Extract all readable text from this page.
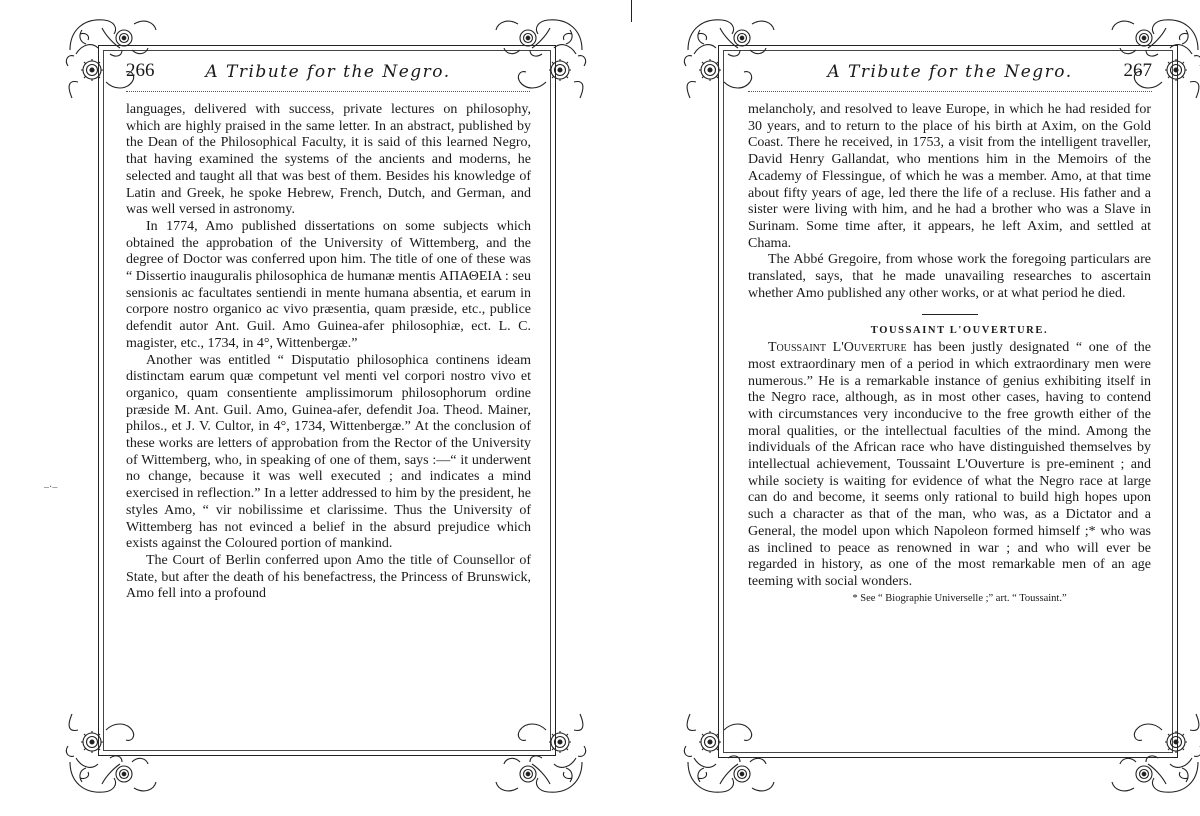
–·–
266	A Tribute for the Negro.

languages, delivered with success, private lectures on philosophy, which are highly praised in the same letter. In an abstract, published by the Dean of the Philosophical Faculty, it is said of this learned Negro, that having examined the systems of the ancients and moderns, he selected and taught all that was best of them. Besides his knowledge of Latin and Greek, he spoke Hebrew, French, Dutch, and German, and was well versed in astronomy.

In 1774, Amo published dissertations on some subjects which obtained the approbation of the University of Wittemberg, and the degree of Doctor was conferred upon him. The title of one of these was “ Dissertio inauguralis philosophica de humanæ mentis ΑΠΑΘΕΙΑ : seu sensionis ac facultates sentiendi in mente humana absentia, et earum in corpore nostro organico ac vivo præsentia, quam præside, etc., publice defendit autor Ant. Guil. Amo Guinea-afer philosophiæ, ect. L. C. magister, etc., 1734, in 4°, Wittenbergæ.”

Another was entitled “ Disputatio philosophica continens ideam distinctam earum quæ competunt vel menti vel corpori nostro vivo et organico, quam consentiente amplissimorum philosophorum ordine præside M. Ant. Guil. Amo, Guinea-afer, defendit Joa. Theod. Mainer, philos., et J. V. Cultor, in 4°, 1734, Wittenbergæ.” At the conclusion of these works are letters of approbation from the Rector of the University of Wittemberg, who, in speaking of one of them, says :—“ it underwent no change, because it was well executed ; and indicates a mind exercised in reflection.” In a letter addressed to him by the president, he styles Amo, “ vir nobilissime et clarissime. Thus the University of Wittemberg has not evinced a belief in the absurd prejudice which exists against the Coloured portion of mankind.

The Court of Berlin conferred upon Amo the title of Counsellor of State, but after the death of his benefactress, the Princess of Brunswick, Amo fell into a profound

A Tribute for the Negro.	267

melancholy, and resolved to leave Europe, in which he had resided for 30 years, and to return to the place of his birth at Axim, on the Gold Coast. There he received, in 1753, a visit from the intelligent traveller, David Henry Gallandat, who mentions him in the Memoirs of the Academy of Flessingue, of which he was a member. Amo, at that time about fifty years of age, led there the life of a recluse. His father and a sister were living with him, and he had a brother who was a Slave in Surinam. Some time after, it appears, he left Axim, and settled at Chama.

The Abbé Gregoire, from whose work the foregoing particulars are translated, says, that he made unavailing researches to ascertain whether Amo published any other works, or at what period he died.

TOUSSAINT L'OUVERTURE.

Toussaint L'Ouverture has been justly designated “ one of the most extraordinary men of a period in which extraordinary men were numerous.” He is a remarkable instance of genius exhibiting itself in the Negro race, although, as in most other cases, having to contend with circumstances very inconducive to the free growth either of the moral qualities, or the intellectual faculties of the mind. Among the individuals of the African race who have distinguished themselves by intellectual achievement, Toussaint L'Ouverture is pre-eminent ; and while society is waiting for evidence of what the Negro race at large can do and become, it seems only rational to build high hopes upon such a character as that of the man, who was, as a Dictator and a General, the model upon which Napoleon formed himself ;* who was as inclined to peace as renowned in war ; and who will ever be regarded in history, as one of the most remarkable men of an age teeming with social wonders.

* See “ Biographie Universelle ;” art. “ Toussaint.”
